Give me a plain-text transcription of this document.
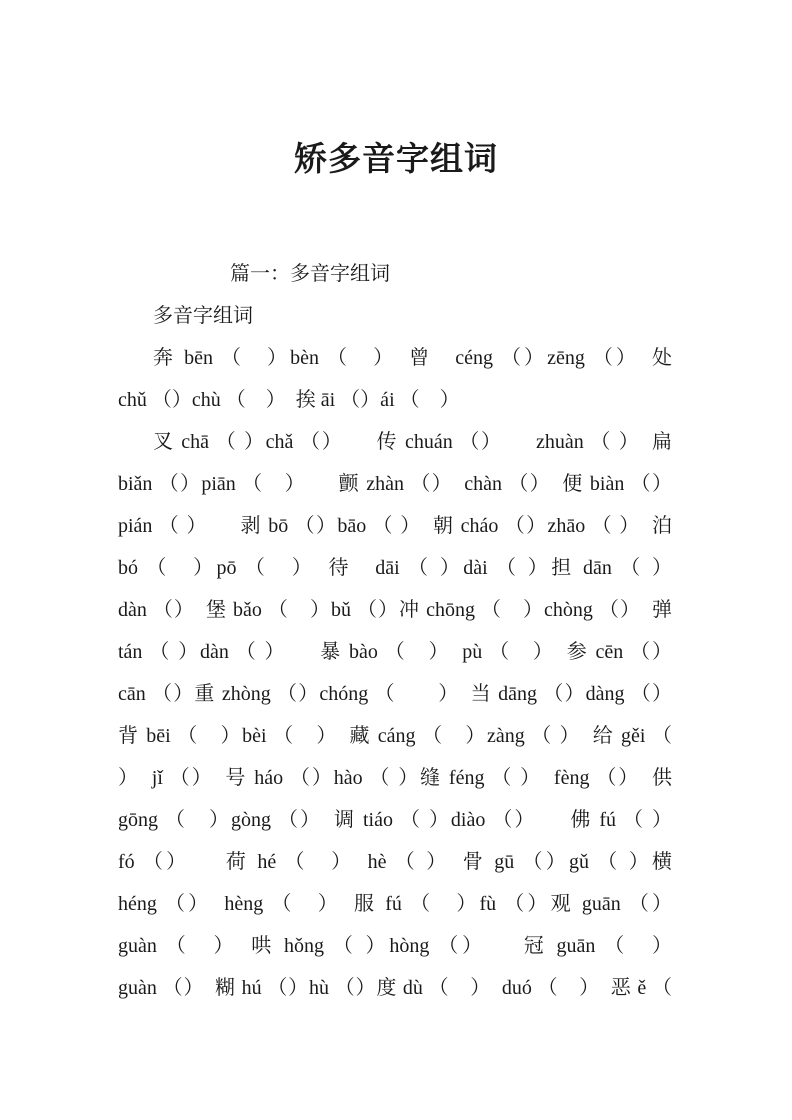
矫多音字组词
篇一：多音字组词
多音字组词
奔 bēn （　）bèn （　）　曾　céng （）zēng （）　处
chǔ （）chù （　）　挨 āi （）ái （　）
叉 chā （ ）chǎ （）　　传 chuán （）　　zhuàn （ ）　扁
biǎn （）piān （　）　　颤 zhàn （）　chàn （）　便 biàn （）
pián （ ）　　剥 bō （）bāo （ ）　朝 cháo （）zhāo （ ）　泊
bó （　）pō （　）　待　dāi （ ）dài （ ）担 dān （ ）
dàn （）　堡 bǎo （　）bǔ （）冲 chōng （　）chòng （）　弹
tán （ ）dàn （ ）　　暴 bào （　）　pù （　）　参 cēn （）
cān （）重 zhòng （）chóng （　　）　当 dāng （）dàng （）
背 bēi （　）bèi （　）　藏 cáng （　）zàng （ ）　给 gěi （
）　jǐ （）　号 háo （）hào （ ）缝 féng （ ）　fèng （）　供
gōng （　）gòng （）　调 tiáo （ ）diào （）　　佛 fú （ ）
fó （）　　荷 hé （　）　hè （ ）　骨 gū （）gǔ （ ）横
héng （）　hèng （　）　服 fú （　）fù （）观 guān （）
guàn （　）　哄 hǒng （ ）hòng （）　　冠 guān （　）
guàn （）　糊 hú （）hù （）度 dù （　）　duó （　）　恶 ě （
